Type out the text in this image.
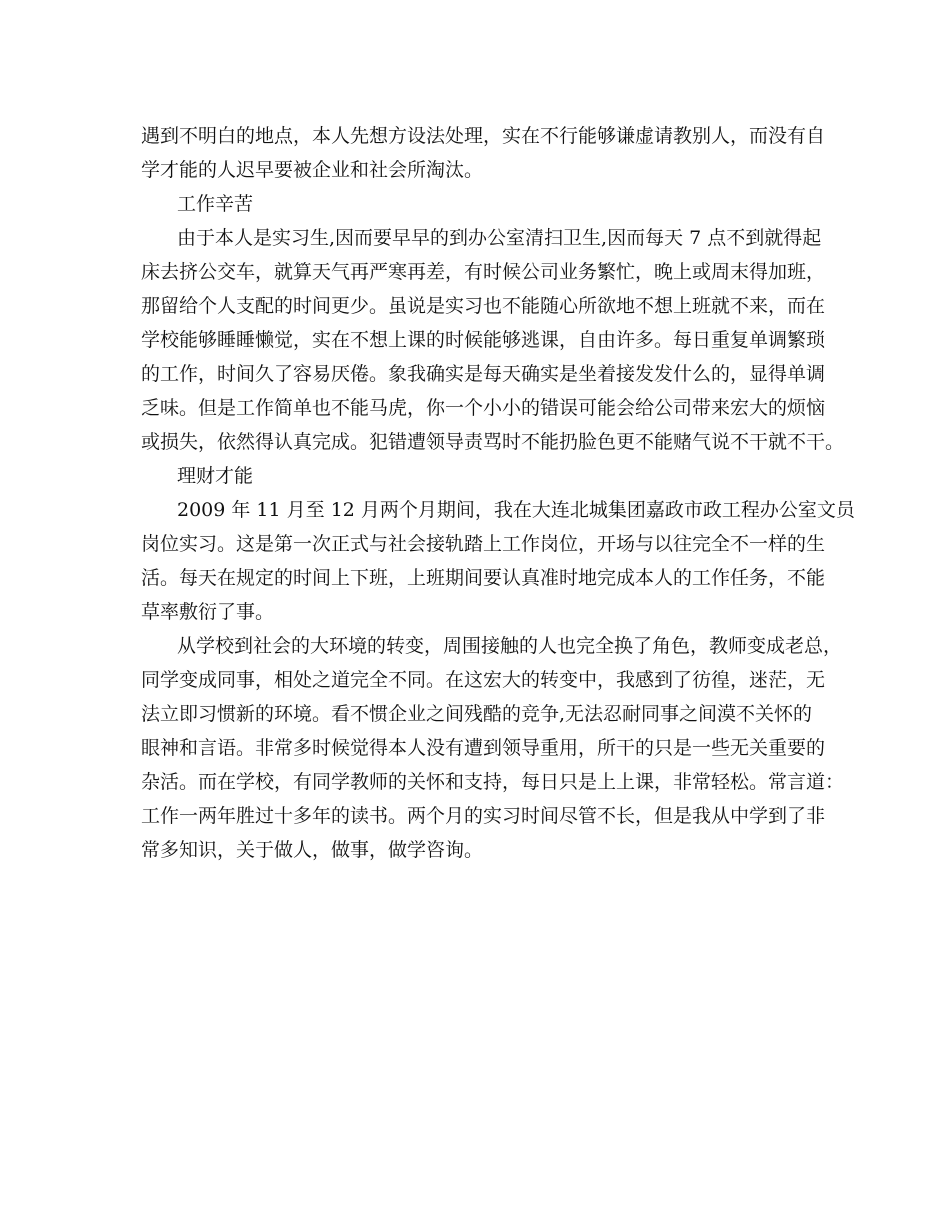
遇到不明白的地点，本人先想方设法处理，实在不行能够谦虚请教别人，而没有自
学才能的人迟早要被企业和社会所淘汰。
工作辛苦
由于本人是实习生,因而要早早的到办公室清扫卫生,因而每天 7 点不到就得起
床去挤公交车，就算天气再严寒再差，有时候公司业务繁忙，晚上或周末得加班，
那留给个人支配的时间更少。虽说是实习也不能随心所欲地不想上班就不来，而在
学校能够睡睡懒觉，实在不想上课的时候能够逃课，自由许多。每日重复单调繁琐
的工作，时间久了容易厌倦。象我确实是每天确实是坐着接发发什么的，显得单调
乏味。但是工作简单也不能马虎，你一个小小的错误可能会给公司带来宏大的烦恼
或损失，依然得认真完成。犯错遭领导责骂时不能扔脸色更不能赌气说不干就不干。
理财才能
2009 年 11 月至 12 月两个月期间，我在大连北城集团嘉政市政工程办公室文员
岗位实习。这是第一次正式与社会接轨踏上工作岗位，开场与以往完全不一样的生
活。每天在规定的时间上下班，上班期间要认真准时地完成本人的工作任务，不能
草率敷衍了事。
从学校到社会的大环境的转变，周围接触的人也完全换了角色，教师变成老总，
同学变成同事，相处之道完全不同。在这宏大的转变中，我感到了彷徨，迷茫，无
法立即习惯新的环境。看不惯企业之间残酷的竞争,无法忍耐同事之间漠不关怀的
眼神和言语。非常多时候觉得本人没有遭到领导重用，所干的只是一些无关重要的
杂活。而在学校，有同学教师的关怀和支持，每日只是上上课，非常轻松。常言道：
工作一两年胜过十多年的读书。两个月的实习时间尽管不长，但是我从中学到了非
常多知识，关于做人，做事，做学咨询。
